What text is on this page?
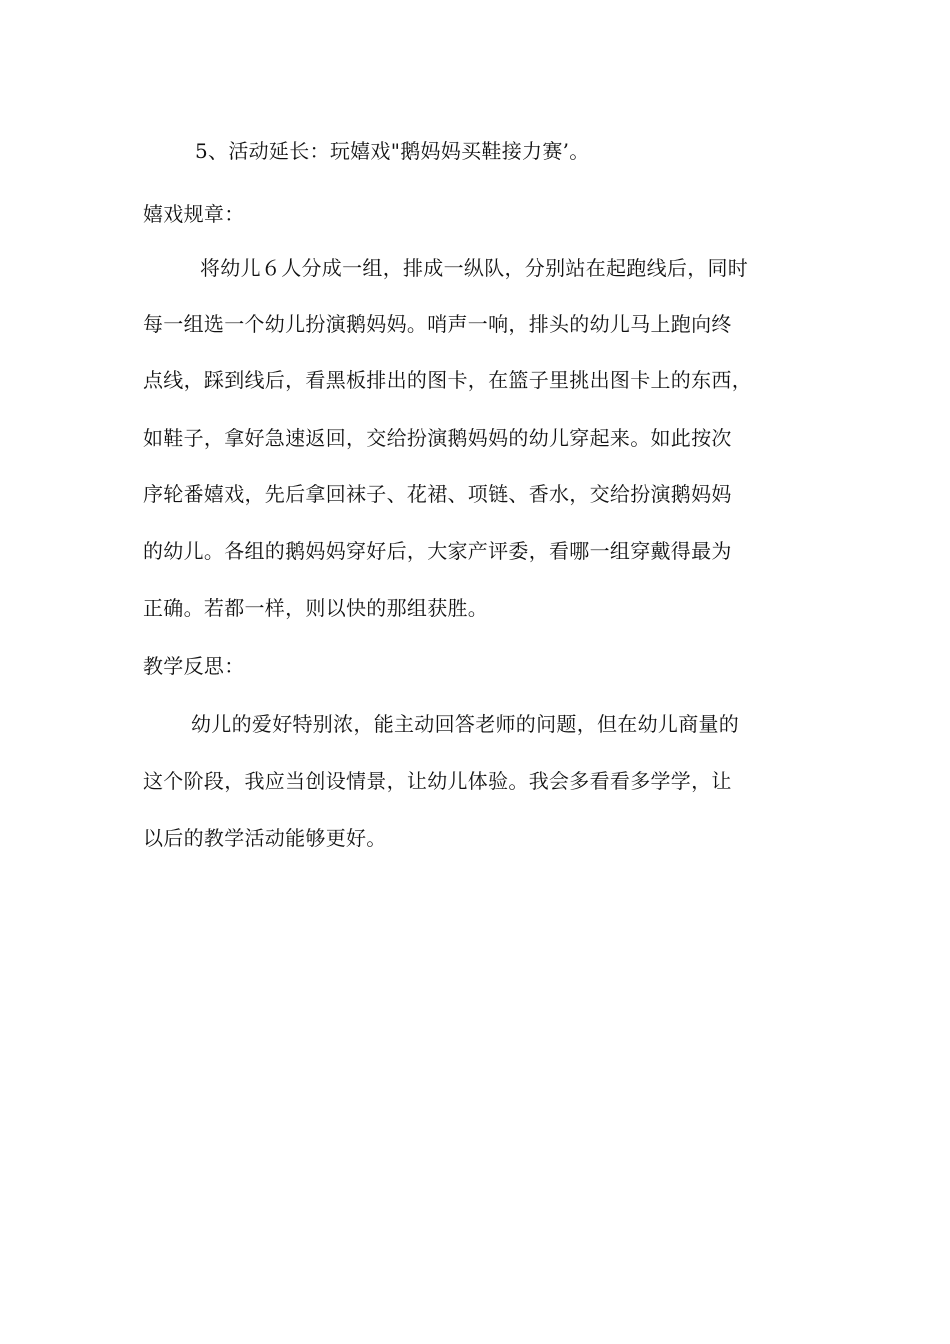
5、活动延长：玩嬉戏"鹅妈妈买鞋接力赛’。
嬉戏规章：
将幼儿６人分成一组，排成一纵队，分别站在起跑线后，同时
每一组选一个幼儿扮演鹅妈妈。哨声一响，排头的幼儿马上跑向终
点线，踩到线后，看黑板排出的图卡，在篮子里挑出图卡上的东西，
如鞋子，拿好急速返回，交给扮演鹅妈妈的幼儿穿起来。如此按次
序轮番嬉戏，先后拿回袜子、花裙、项链、香水，交给扮演鹅妈妈
的幼儿。各组的鹅妈妈穿好后，大家产评委，看哪一组穿戴得最为
正确。若都一样，则以快的那组获胜。
教学反思：
幼儿的爱好特别浓，能主动回答老师的问题，但在幼儿商量的
这个阶段，我应当创设情景，让幼儿体验。我会多看看多学学，让
以后的教学活动能够更好。
